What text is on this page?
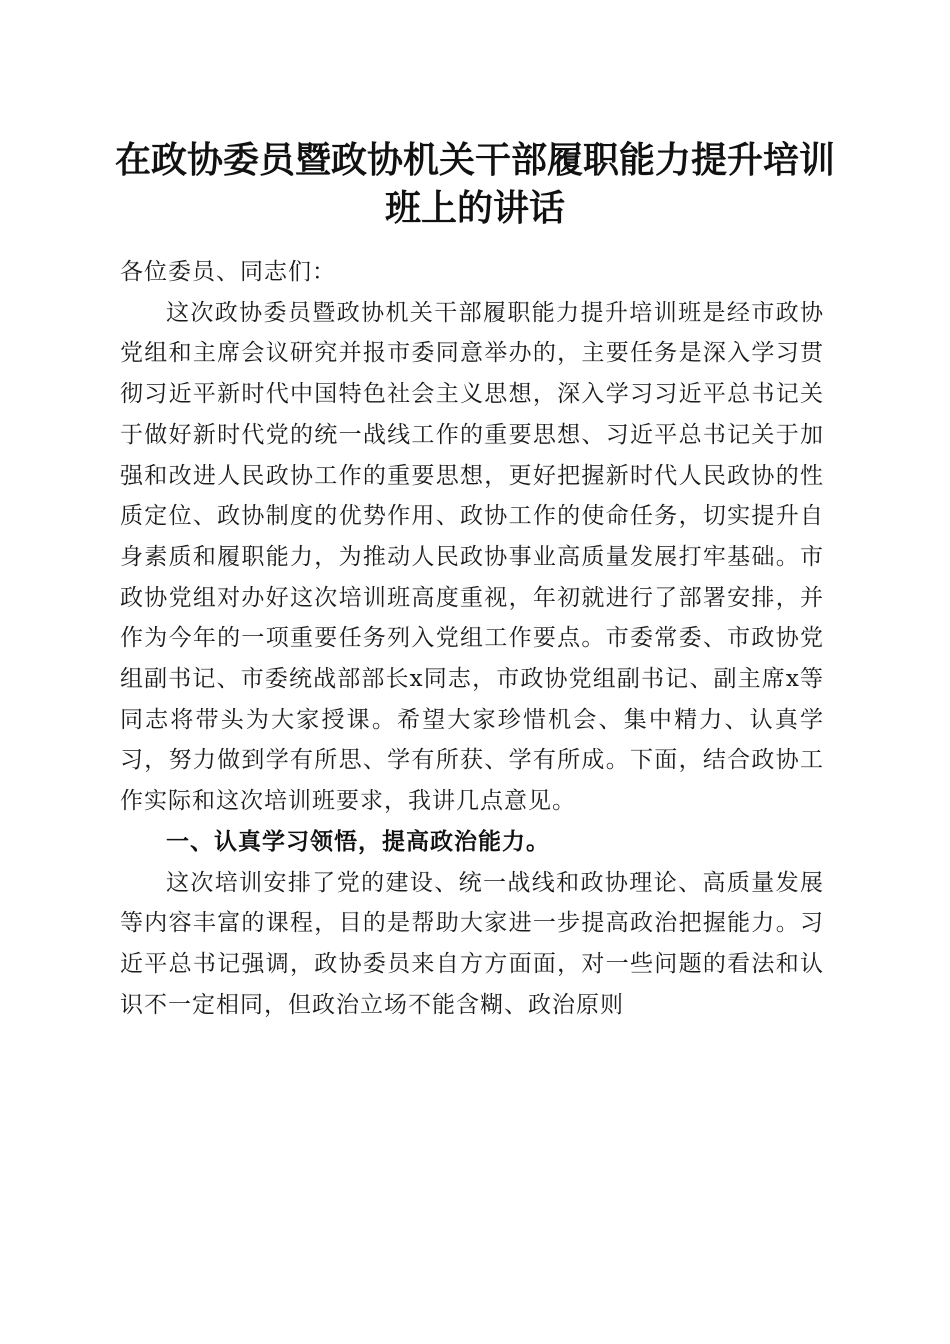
在政协委员暨政协机关干部履职能力提升培训
班上的讲话

各位委员、同志们：

这次政协委员暨政协机关干部履职能力提升培训班是经市政协党组和主席会议研究并报市委同意举办的，主要任务是深入学习贯彻习近平新时代中国特色社会主义思想，深入学习习近平总书记关于做好新时代党的统一战线工作的重要思想、习近平总书记关于加强和改进人民政协工作的重要思想，更好把握新时代人民政协的性质定位、政协制度的优势作用、政协工作的使命任务，切实提升自身素质和履职能力，为推动人民政协事业高质量发展打牢基础。市政协党组对办好这次培训班高度重视，年初就进行了部署安排，并作为今年的一项重要任务列入党组工作要点。市委常委、市政协党组副书记、市委统战部部长x同志，市政协党组副书记、副主席x等同志将带头为大家授课。希望大家珍惜机会、集中精力、认真学习，努力做到学有所思、学有所获、学有所成。下面，结合政协工作实际和这次培训班要求，我讲几点意见。

一、认真学习领悟，提高政治能力。

这次培训安排了党的建设、统一战线和政协理论、高质量发展等内容丰富的课程，目的是帮助大家进一步提高政治把握能力。习近平总书记强调，政协委员来自方方面面，对一些问题的看法和认识不一定相同，但政治立场不能含糊、政治原则
